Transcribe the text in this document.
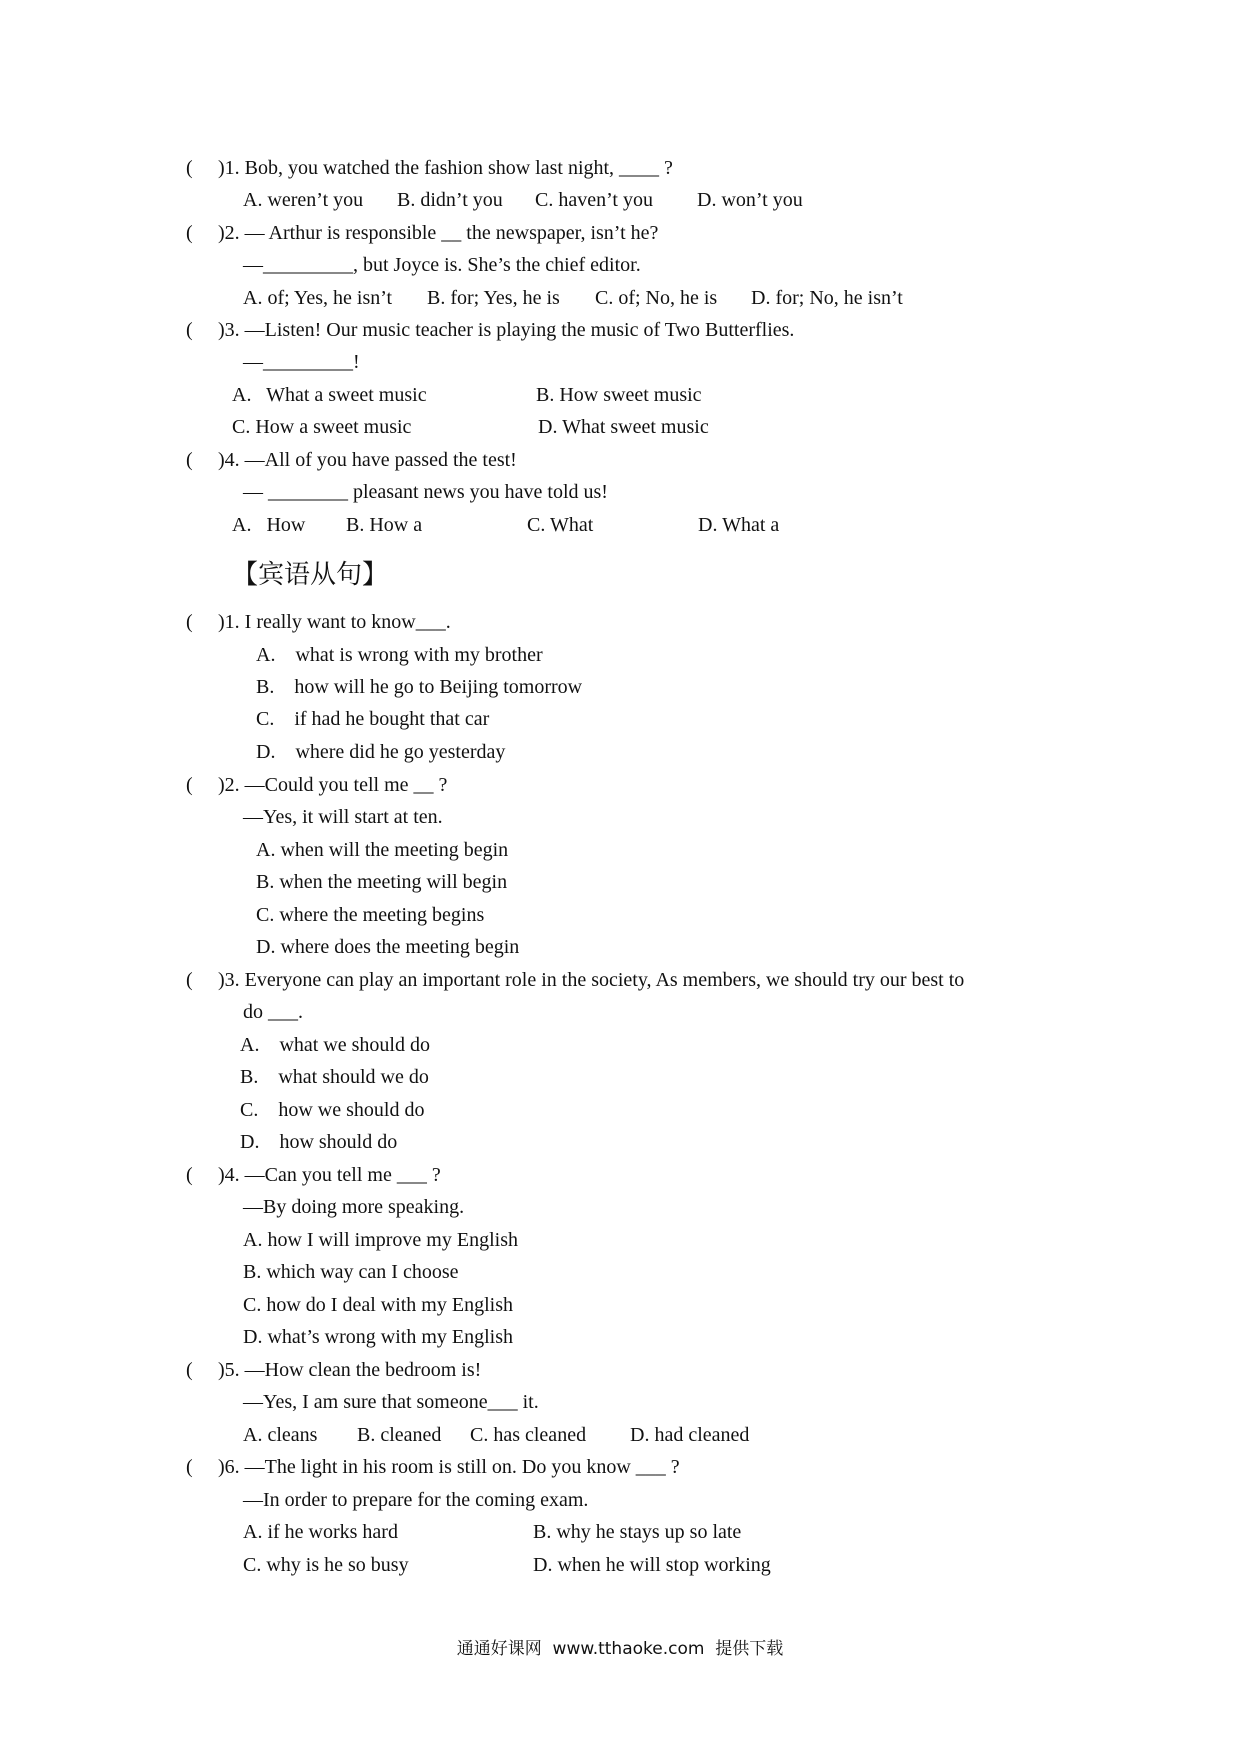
( )1. Bob, you watched the fashion show last night, ____ ?
A. weren’t you B. didn’t you C. haven’t you D. won’t you
( )2. — Arthur is responsible __ the newspaper, isn’t he?
—_________, but Joyce is. She’s the chief editor.
A. of; Yes, he isn’t B. for; Yes, he is C. of; No, he is D. for; No, he isn’t
( )3. —Listen! Our music teacher is playing the music of Two Butterflies.
—_________!
A.   What a sweet music	B. How sweet music
C. How a sweet music	D. What sweet music
( )4. —All of you have passed the test!
— ________ pleasant news you have told us!
A.   How B. How a	C. What	D. What a
【宾语从句】
( )1. I really want to know___.
A.    what is wrong with my brother
B.    how will he go to Beijing tomorrow
C.    if had he bought that car
D.    where did he go yesterday
( )2. —Could you tell me __ ?
—Yes, it will start at ten.
A. when will the meeting begin
B. when the meeting will begin
C. where the meeting begins
D. where does the meeting begin
( )3. Everyone can play an important role in the society, As members, we should try our best to
do ___.
A.    what we should do
B.    what should we do
C.    how we should do
D.    how should do
( )4. —Can you tell me ___ ?
—By doing more speaking.
A. how I will improve my English
B. which way can I choose
C. how do I deal with my English
D. what’s wrong with my English
( )5. —How clean the bedroom is!
—Yes, I am sure that someone___ it.
A. cleans B. cleaned C. has cleaned D. had cleaned
( )6. —The light in his room is still on. Do you know ___ ?
—In order to prepare for the coming exam.
A. if he works hard	B. why he stays up so late
C. why is he so busy	D. when he will stop working
通通好课网  www.tthaoke.com  提供下载
